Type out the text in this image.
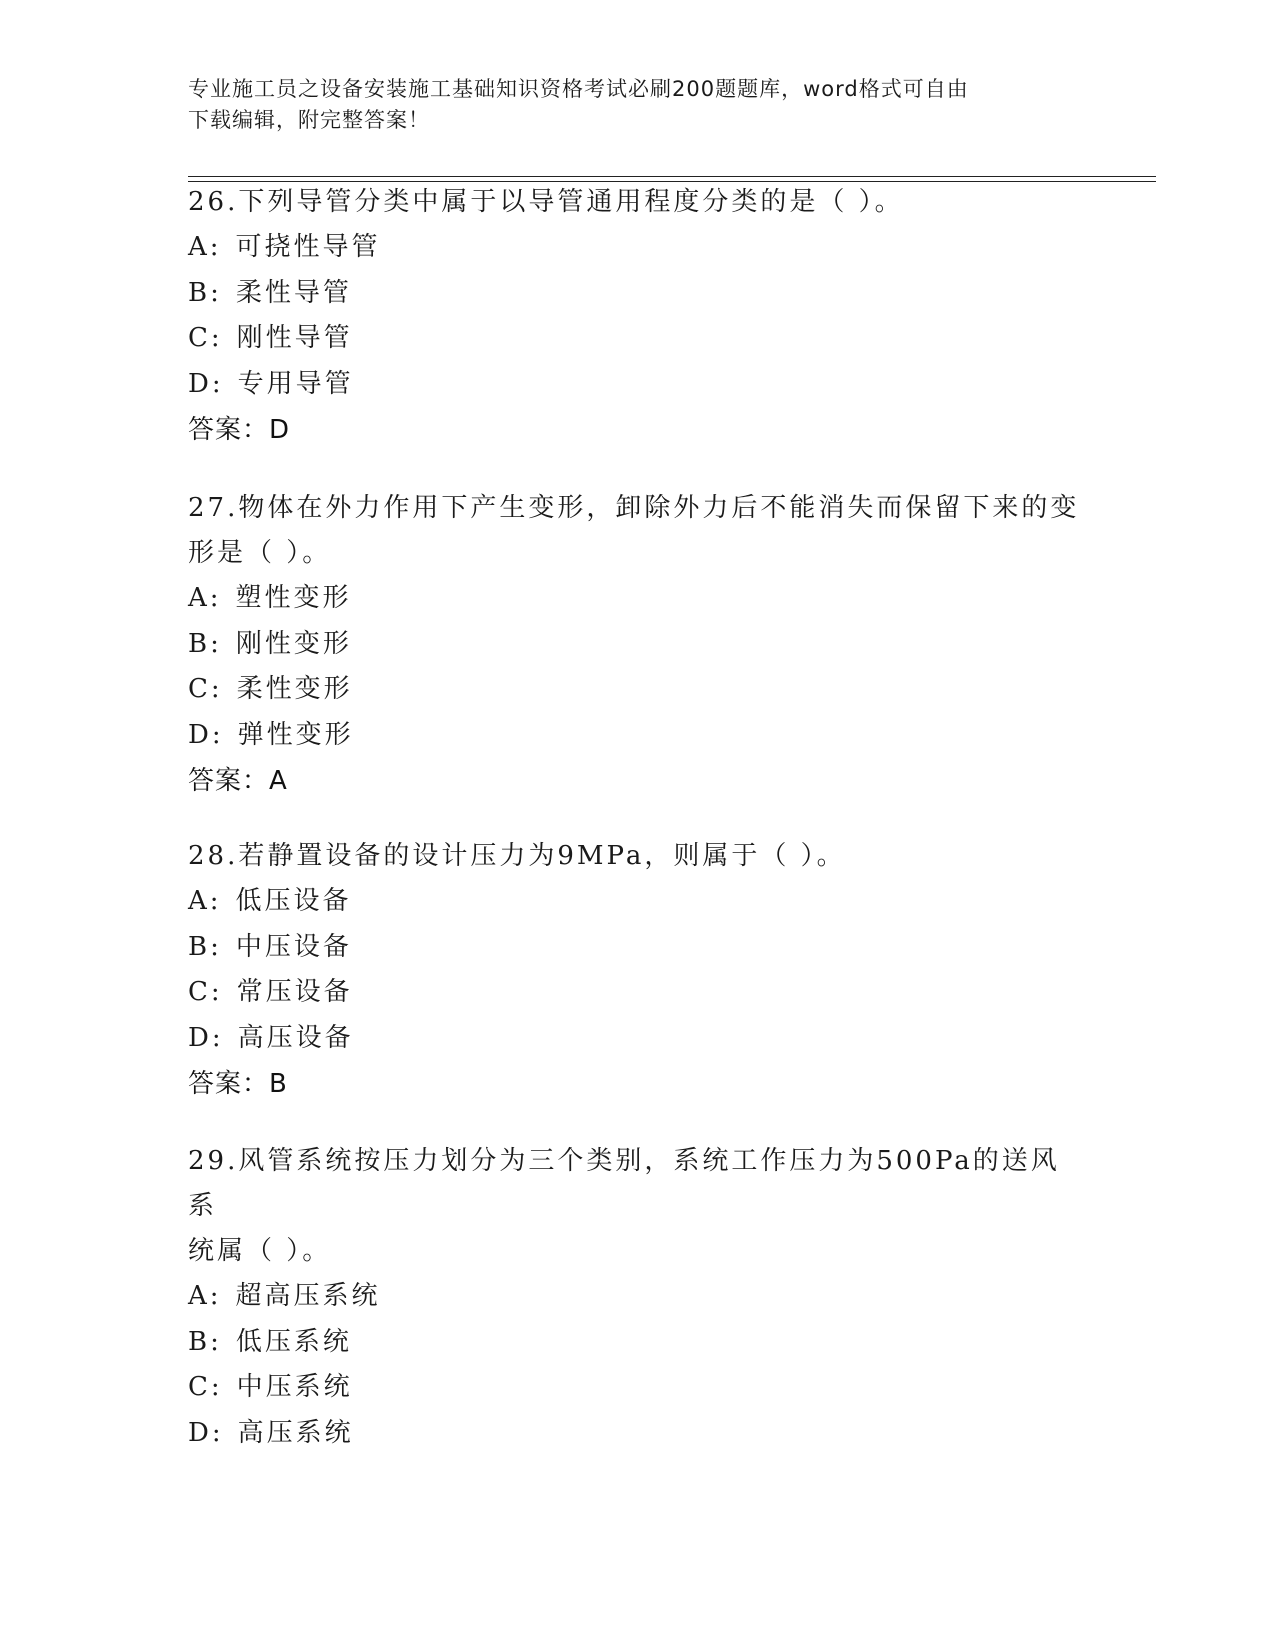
专业施工员之设备安装施工基础知识资格考试必刷200题题库，word格式可自由
下载编辑，附完整答案！
26.下列导管分类中属于以导管通用程度分类的是（ ）。
A: 可挠性导管
B: 柔性导管
C: 刚性导管
D: 专用导管
答案：D
27.物体在外力作用下产生变形，卸除外力后不能消失而保留下来的变
形是（ ）。
A: 塑性变形
B: 刚性变形
C: 柔性变形
D: 弹性变形
答案：A
28.若静置设备的设计压力为9MPa，则属于（ ）。
A: 低压设备
B: 中压设备
C: 常压设备
D: 高压设备
答案：B
29.风管系统按压力划分为三个类别，系统工作压力为500Pa的送风系
统属（ ）。
A: 超高压系统
B: 低压系统
C: 中压系统
D: 高压系统
